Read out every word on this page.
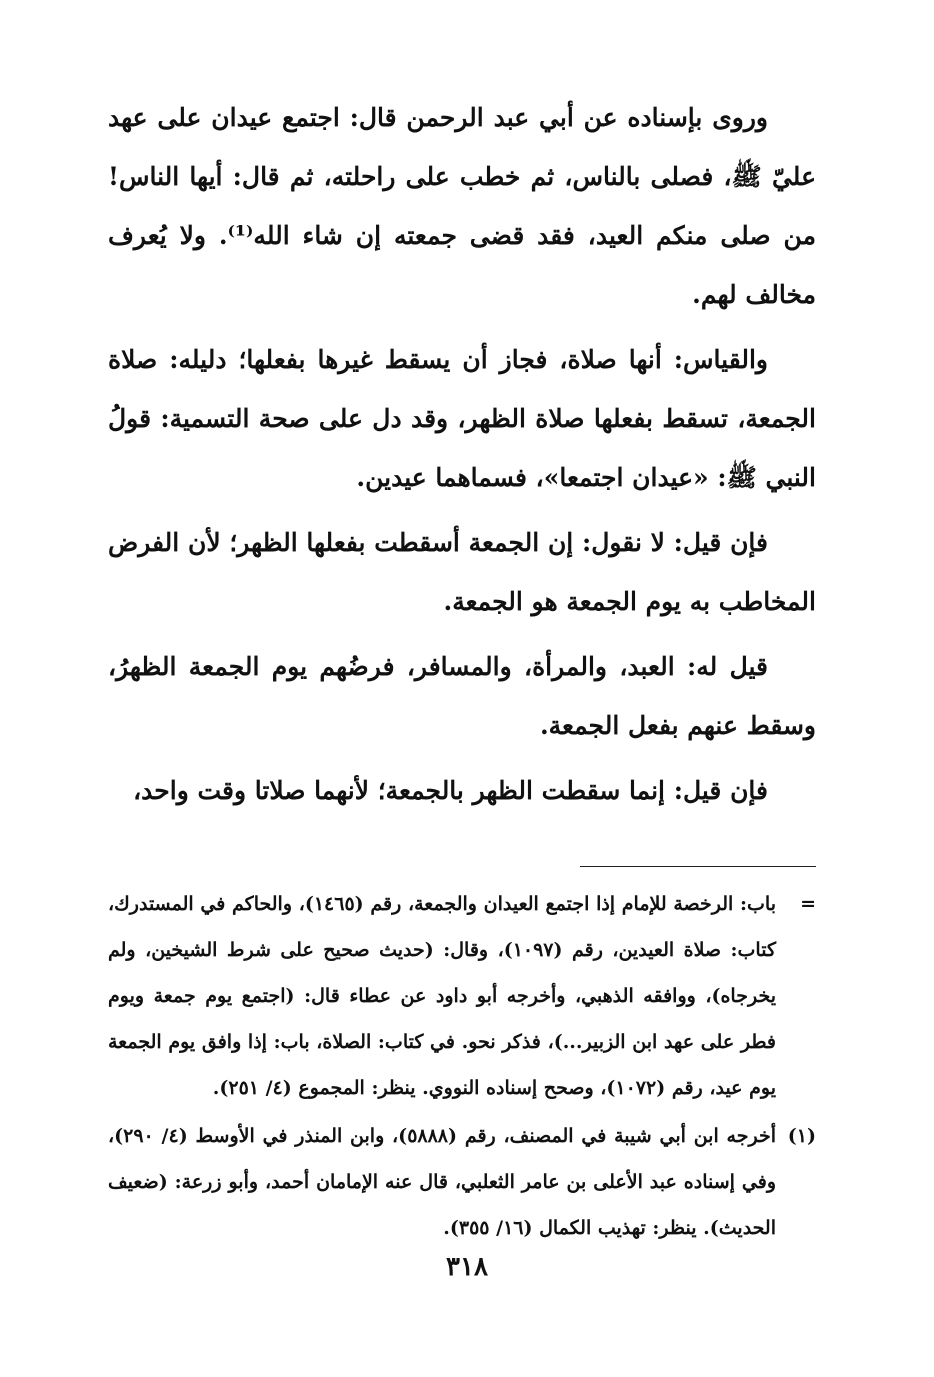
وروى بإسناده عن أبي عبد الرحمن قال: اجتمع عيدان على عهد عليّ ﷺ، فصلى بالناس، ثم خطب على راحلته، ثم قال: أيها الناس! من صلى منكم العيد، فقد قضى جمعته إن شاء الله⁽¹⁾. ولا يُعرف مخالف لهم.

والقياس: أنها صلاة، فجاز أن يسقط غيرها بفعلها؛ دليله: صلاة الجمعة، تسقط بفعلها صلاة الظهر، وقد دل على صحة التسمية: قولُ النبي ﷺ: «عيدان اجتمعا»، فسماهما عيدين.

فإن قيل: لا نقول: إن الجمعة أسقطت بفعلها الظهر؛ لأن الفرض المخاطب به يوم الجمعة هو الجمعة.

قيل له: العبد، والمرأة، والمسافر، فرضُهم يوم الجمعة الظهرُ، وسقط عنهم بفعل الجمعة.

فإن قيل: إنما سقطت الظهر بالجمعة؛ لأنهما صلاتا وقت واحد،

=
باب: الرخصة للإمام إذا اجتمع العيدان والجمعة، رقم (١٤٦٥)، والحاكم في المستدرك، كتاب: صلاة العيدين، رقم (١٠٩٧)، وقال: (حديث صحيح على شرط الشيخين، ولم يخرجاه)، ووافقه الذهبي، وأخرجه أبو داود عن عطاء قال: (اجتمع يوم جمعة ويوم فطر على عهد ابن الزبير...)، فذكر نحو. في كتاب: الصلاة، باب: إذا وافق يوم الجمعة يوم عيد، رقم (١٠٧٢)، وصحح إسناده النووي. ينظر: المجموع (٤/ ٢٥١).
(١)
أخرجه ابن أبي شيبة في المصنف، رقم (٥٨٨٨)، وابن المنذر في الأوسط (٤/ ٢٩٠)، وفي إسناده عبد الأعلى بن عامر الثعلبي، قال عنه الإمامان أحمد، وأبو زرعة: (ضعيف الحديث). ينظر: تهذيب الكمال (١٦/ ٣٥٥).
٣١٨
